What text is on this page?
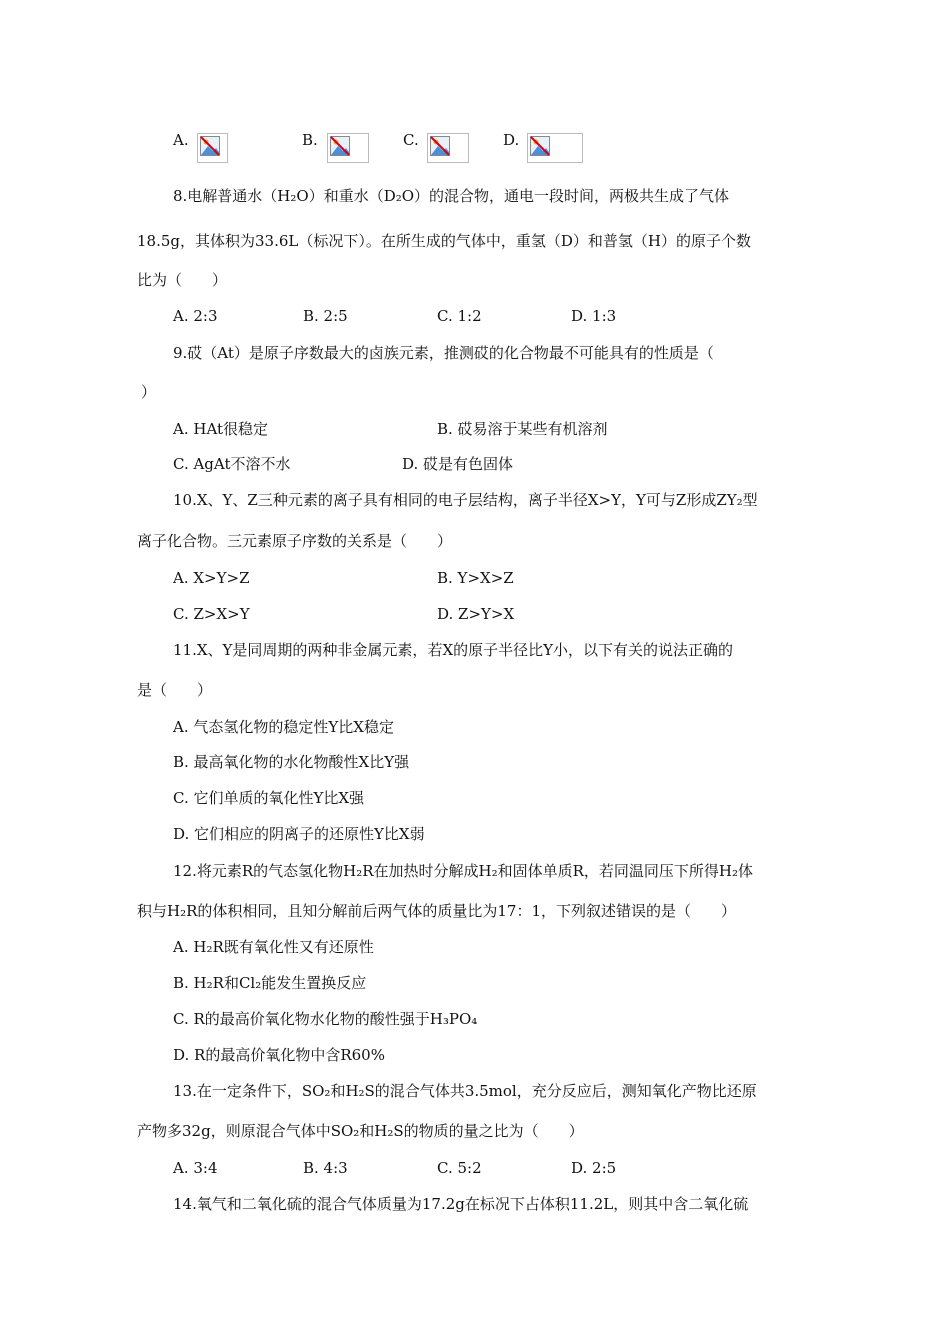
A.	B.	C.	D.
8.电解普通水（H₂O）和重水（D₂O）的混合物，通电一段时间，两极共生成了气体
18.5g，其体积为33.6L（标况下）。在所生成的气体中，重氢（D）和普氢（H）的原子个数
比为（　　）
A. 2:3	B. 2:5	C. 1:2	D. 1:3
9.砹（At）是原子序数最大的卤族元素，推测砹的化合物最不可能具有的性质是（
）
A. HAt很稳定	B. 砹易溶于某些有机溶剂
C. AgAt不溶不水	D. 砹是有色固体
10.X、Y、Z三种元素的离子具有相同的电子层结构，离子半径X>Y，Y可与Z形成ZY₂型
离子化合物。三元素原子序数的关系是（　　）
A. X>Y>Z	B. Y>X>Z
C. Z>X>Y	D. Z>Y>X
11.X、Y是同周期的两种非金属元素，若X的原子半径比Y小，以下有关的说法正确的
是（　　）
A. 气态氢化物的稳定性Y比X稳定
B. 最高氧化物的水化物酸性X比Y强
C. 它们单质的氧化性Y比X强
D. 它们相应的阴离子的还原性Y比X弱
12.将元素R的气态氢化物H₂R在加热时分解成H₂和固体单质R，若同温同压下所得H₂体
积与H₂R的体积相同，且知分解前后两气体的质量比为17：1，下列叙述错误的是（　　）
A. H₂R既有氧化性又有还原性
B. H₂R和Cl₂能发生置换反应
C. R的最高价氧化物水化物的酸性强于H₃PO₄
D. R的最高价氧化物中含R60%
13.在一定条件下，SO₂和H₂S的混合气体共3.5mol，充分反应后，测知氧化产物比还原
产物多32g，则原混合气体中SO₂和H₂S的物质的量之比为（　　）
A. 3:4	B. 4:3	C. 5:2	D. 2:5
14.氧气和二氧化硫的混合气体质量为17.2g在标况下占体积11.2L，则其中含二氧化硫
